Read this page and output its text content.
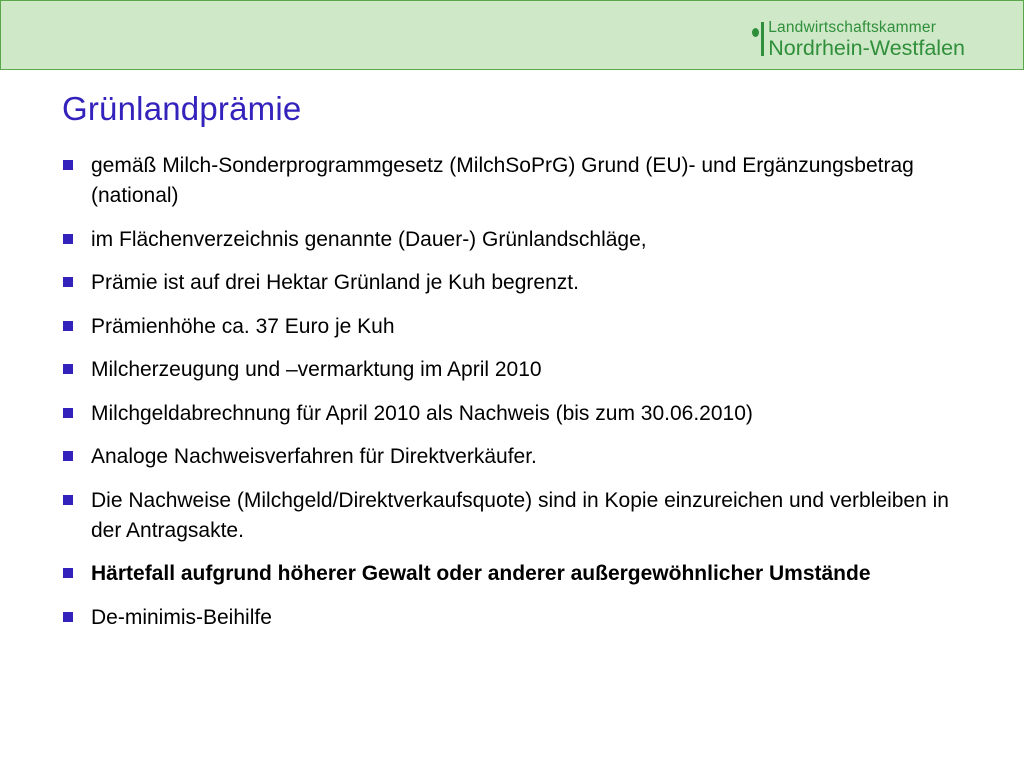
Landwirtschaftskammer
Nordrhein-Westfalen
Grünlandprämie
gemäß Milch-Sonderprogrammgesetz (MilchSoPrG) Grund (EU)- und Ergänzungsbetrag (national)
im Flächenverzeichnis genannte (Dauer-) Grünlandschläge,
Prämie ist auf drei Hektar Grünland je Kuh begrenzt.
Prämienhöhe ca. 37 Euro je Kuh
Milcherzeugung und –vermarktung im April 2010
Milchgeldabrechnung für April 2010 als Nachweis (bis zum 30.06.2010)
Analoge Nachweisverfahren für Direktverkäufer.
Die Nachweise (Milchgeld/Direktverkaufsquote) sind in Kopie einzureichen und verbleiben in der Antragsakte.
Härtefall aufgrund höherer Gewalt oder anderer außergewöhnlicher Umstände
De-minimis-Beihilfe
